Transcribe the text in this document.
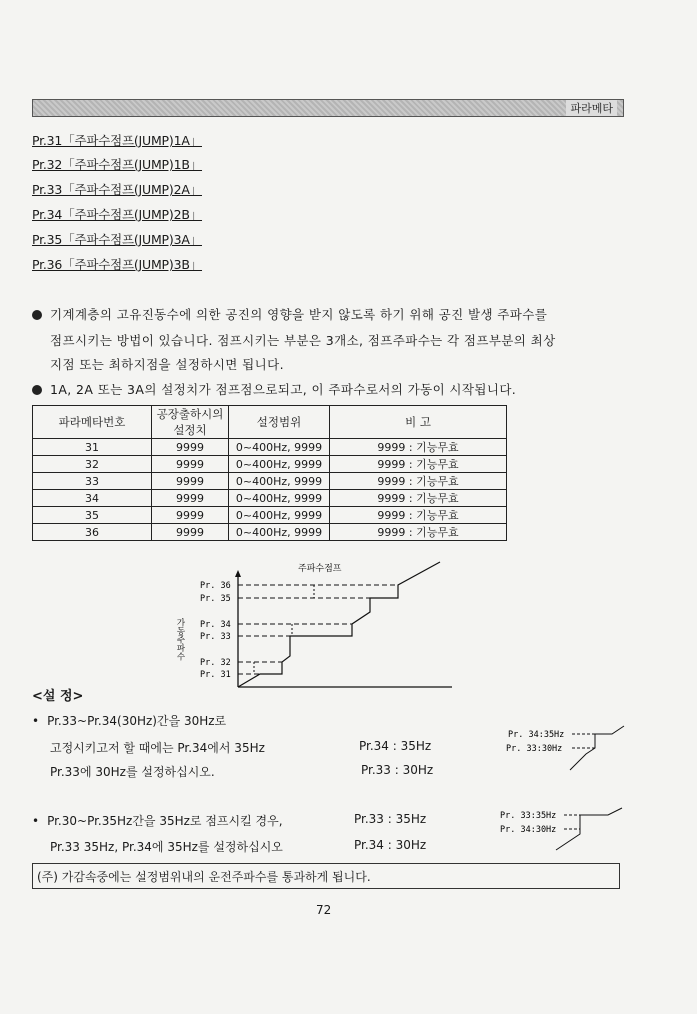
파라메타
Pr.31「주파수점프(JUMP)1A」
Pr.32「주파수점프(JUMP)1B」
Pr.33「주파수점프(JUMP)2A」
Pr.34「주파수점프(JUMP)2B」
Pr.35「주파수점프(JUMP)3A」
Pr.36「주파수점프(JUMP)3B」
기계계층의 고유진동수에 의한 공진의 영향을 받지 않도록 하기 위해 공진 발생 주파수를
점프시키는 방법이 있습니다. 점프시키는 부분은 3개소, 점프주파수는 각 점프부분의 최상
지점 또는 최하지점을 설정하시면 됩니다.
1A, 2A 또는 3A의 설정치가 점프점으로되고, 이 주파수로서의 가동이 시작됩니다.
파라메타번호	공장출하시의 설정치	설정범위	비 고
31	9999	0~400Hz, 9999	9999 : 기능무효
32	9999	0~400Hz, 9999	9999 : 기능무효
33	9999	0~400Hz, 9999	9999 : 기능무효
34	9999	0~400Hz, 9999	9999 : 기능무효
35	9999	0~400Hz, 9999	9999 : 기능무효
36	9999	0~400Hz, 9999	9999 : 기능무효
주파수점프
가동주파수
Pr. 36
Pr. 35
Pr. 34
Pr. 33
Pr. 32
Pr. 31
<설 정>
• Pr.33~Pr.34(30Hz)간을 30Hz로
고정시키고저 할 때에는 Pr.34에서 35Hz
Pr.33에 30Hz를 설정하십시오.
Pr.34 : 35Hz
Pr.33 : 30Hz
Pr. 34:35Hz
Pr. 33:30Hz
• Pr.30~Pr.35Hz간을 35Hz로 점프시킬 경우,
Pr.33 35Hz, Pr.34에 35Hz를 설정하십시오
Pr.33 : 35Hz
Pr.34 : 30Hz
Pr. 33:35Hz
Pr. 34:30Hz
(주) 가감속중에는 설정범위내의 운전주파수를 통과하게 됩니다.
72
